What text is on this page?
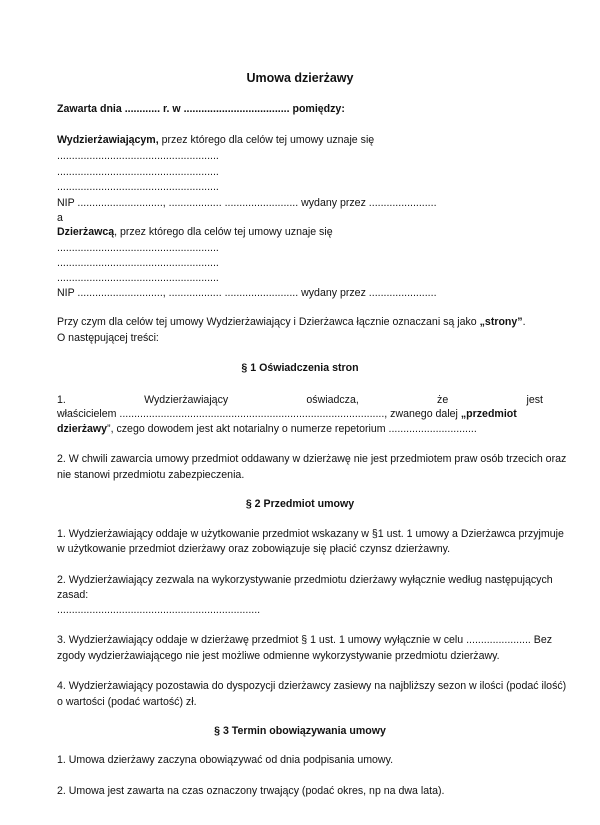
Umowa dzierżawy
Zawarta dnia ............ r. w .................................... pomiędzy:
Wydzierżawiającym, przez którego dla celów tej umowy uznaje się
.......................................................
.......................................................
.......................................................
NIP ............................., .................. ......................... wydany przez .......................
a
Dzierżawcą, przez którego dla celów tej umowy uznaje się
.......................................................
.......................................................
.......................................................
NIP ............................., .................. ......................... wydany przez .......................
Przy czym dla celów tej umowy Wydzierżawiający i Dzierżawca łącznie oznaczani są jako „strony”.
O następującej treści:
§ 1 Oświadczenia stron
1.	Wydzierżawiający	oświadcza,	że	jest
właścicielem .........................................................................................., zwanego dalej „przedmiot
dzierżawy”, czego dowodem jest akt notarialny o numerze repetorium ..............................
2. W chwili zawarcia umowy przedmiot oddawany w dzierżawę nie jest przedmiotem praw osób trzecich oraz
nie stanowi przedmiotu zabezpieczenia.
§ 2 Przedmiot umowy
1. Wydzierżawiający oddaje w użytkowanie przedmiot wskazany w §1 ust. 1 umowy a Dzierżawca przyjmuje
w użytkowanie przedmiot dzierżawy oraz zobowiązuje się płacić czynsz dzierżawny.
2. Wydzierżawiający zezwala na wykorzystywanie przedmiotu dzierżawy wyłącznie według następujących
zasad:
.....................................................................
3. Wydzierżawiający oddaje w dzierżawę przedmiot § 1 ust. 1 umowy wyłącznie w celu ...................... Bez
zgody wydzierżawiającego nie jest możliwe odmienne wykorzystywanie przedmiotu dzierżawy.
4. Wydzierżawiający pozostawia do dyspozycji dzierżawcy zasiewy na najbliższy sezon w ilości (podać ilość)
o wartości (podać wartość) zł.
§ 3 Termin obowiązywania umowy
1. Umowa dzierżawy zaczyna obowiązywać od dnia podpisania umowy.
2. Umowa jest zawarta na czas oznaczony trwający (podać okres, np na dwa lata).
